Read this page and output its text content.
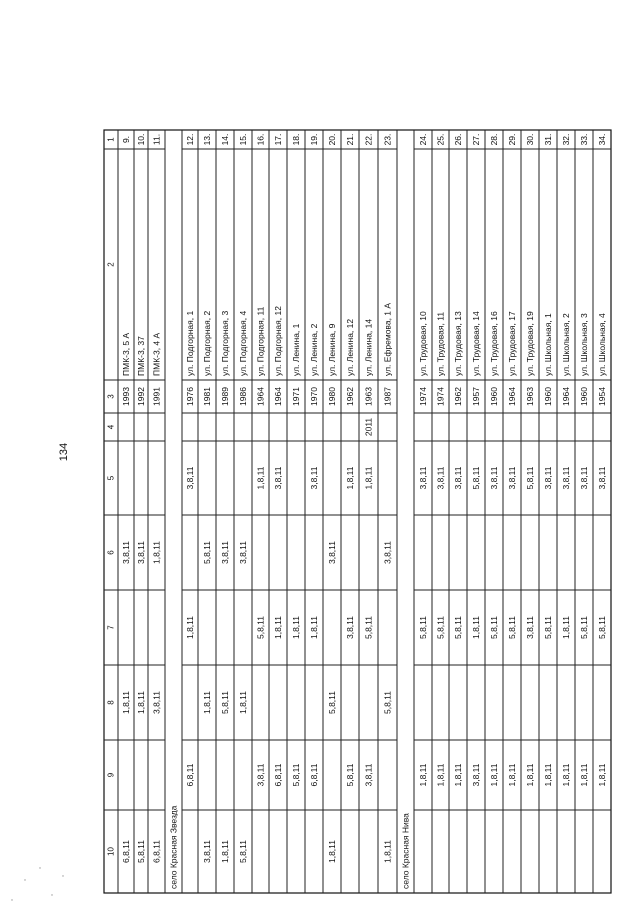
134
1
2
3
4
5
6
7
8
9
10
9.
ПМК-3, 5 А
1993
3,8,11
1,8,11
6,8,11
10.
ПМК-3, 37
1992
3,8,11
1,8,11
5,8,11
11.
ПМК-3, 4 А
1991
1,8,11
3,8,11
6,8,11 село Красная Звезда
12.
ул. Подгорная, 1
1976
3,8,11
1,8,11
6,8,11
13.
ул. Подгорная, 2
1981
5,8,11
1,8,11
3,8,11
14.
ул. Подгорная, 3
1989
3,8,11
5,8,11
1,8,11
15.
ул. Подгорная, 4
1986
3,8,11
1,8,11
5,8,11
16.
ул. Подгорная, 11
1964
1,8,11
5,8,11
3,8,11
17.
ул. Подгорная, 12
1964
3,8,11
1,8,11
6,8,11
18.
ул. Ленина, 1
1971
1,8,11
5,8,11
19.
ул. Ленина, 2
1970
3,8,11
1,8,11
6,8,11
20.
ул. Ленина, 9
1980
3,8,11
5,8,11
1,8,11
21.
ул. Ленина, 12
1962
1,8,11
3,8,11
5,8,11
22.
ул. Ленина, 14
1963
2011
1,8,11
5,8,11
3,8,11
23.
ул. Ефремова, 1 А
1987
3,8,11
5,8,11
1,8,11 село Красная Нива
24.
ул. Трудовая, 10
1974
3,8,11
5,8,11
1,8,11
25.
ул. Трудовая, 11
1974
3,8,11
5,8,11
1,8,11
26.
ул. Трудовая, 13
1962
3,8,11
5,8,11
1,8,11
27.
ул. Трудовая, 14
1957
5,8,11
1,8,11
3,8,11
28.
ул. Трудовая, 16
1960
3,8,11
5,8,11
1,8,11
29.
ул. Трудовая, 17
1964
3,8,11
5,8,11
1,8,11
30.
ул. Трудовая, 19
1963
5,8,11
3,8,11
1,8,11
31.
ул. Школьная, 1
1960
3,8,11
5,8,11
1,8,11
32.
ул. Школьная, 2
1964
3,8,11
1,8,11
1,8,11
33.
ул. Школьная, 3
1960
3,8,11
5,8,11
1,8,11
34.
ул. Школьная, 4
1954
3,8,11
5,8,11
1,8,11
